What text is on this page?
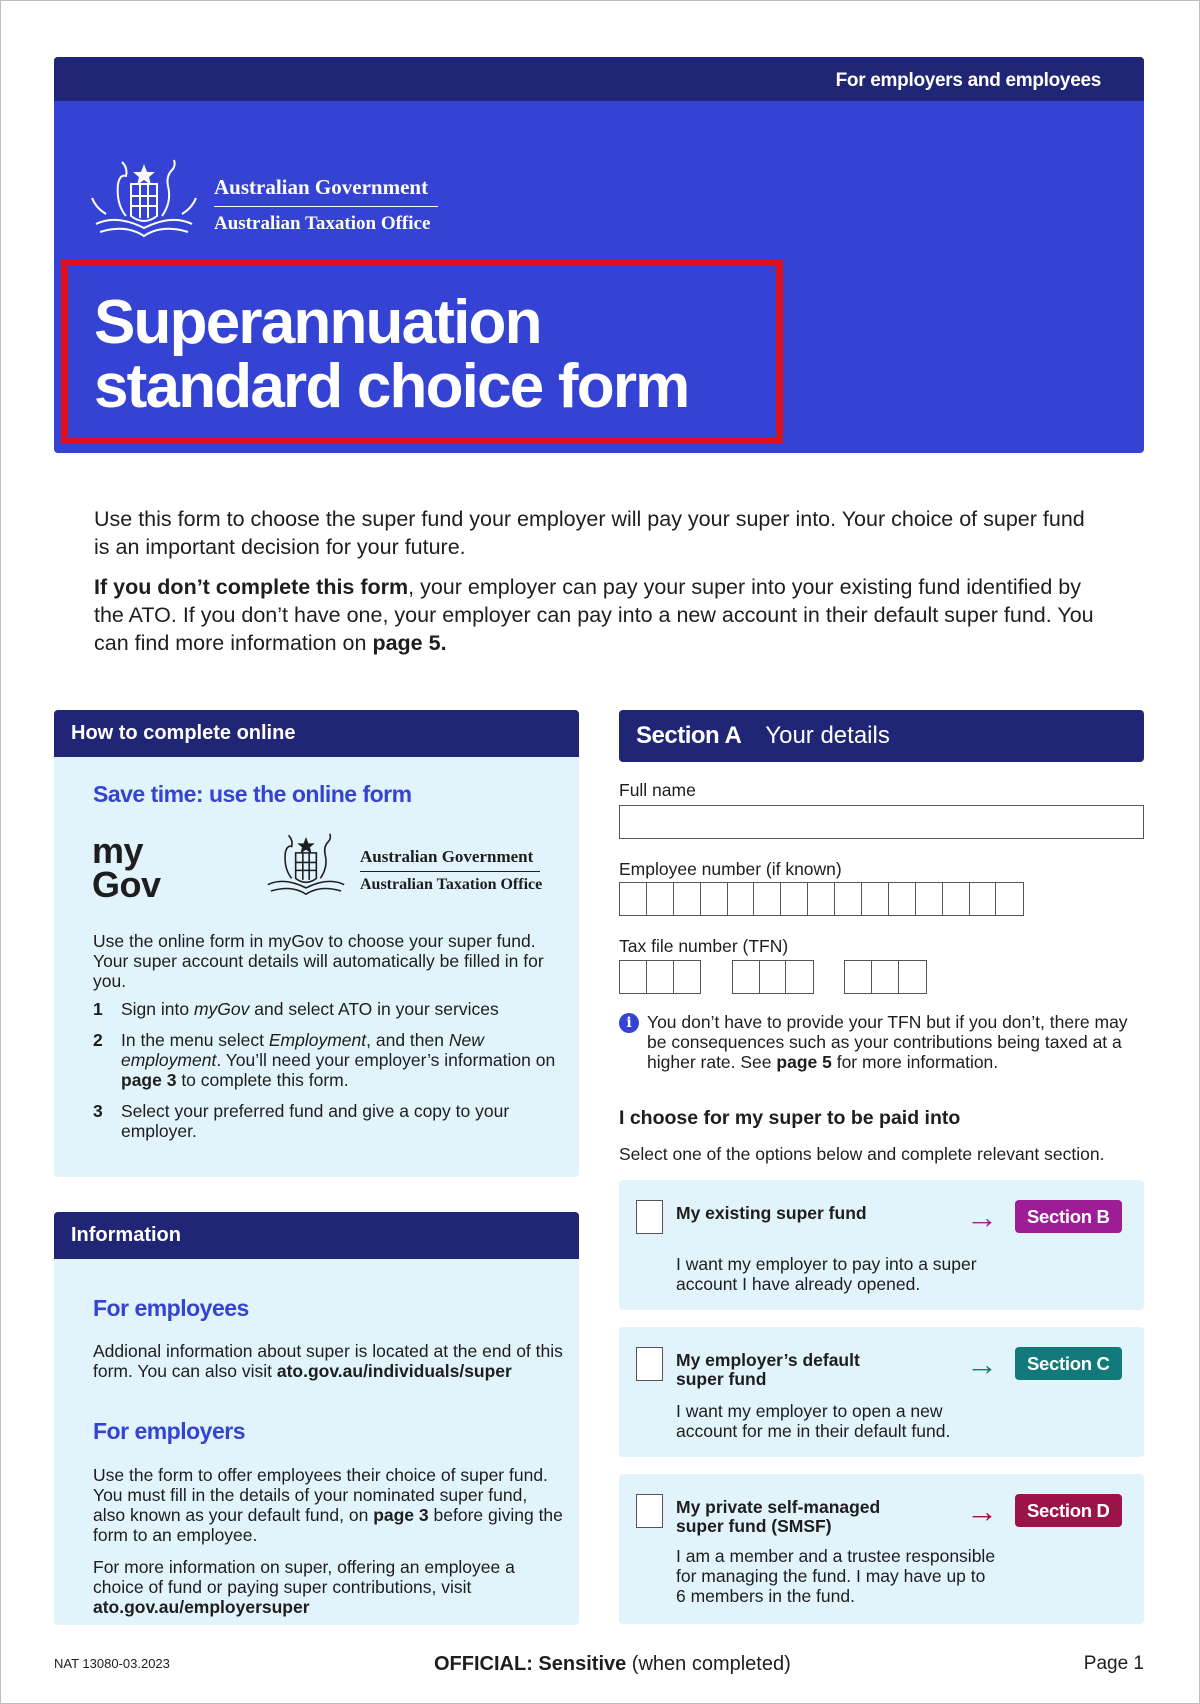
For employers and employees
Australian Government
Australian Taxation Office
Superannuation
standard choice form

Use this form to choose the super fund your employer will pay your super into. Your choice of super fund is an important decision for your future.

If you don’t complete this form, your employer can pay your super into your existing fund identified by the ATO. If you don’t have one, your employer can pay into a new account in their default super fund. You can find more information on page 5.

How to complete online
Save time: use the online form
my
Gov
Australian Government
Australian Taxation Office
Use the online form in myGov to choose your super fund. Your super account details will automatically be filled in for you.
1	Sign into myGov and select ATO in your services
2	In the menu select Employment, and then New employment. You’ll need your employer’s information on page 3 to complete this form.
3	Select your preferred fund and give a copy to your employer.
Information
For employees
Addional information about super is located at the end of this form. You can also visit ato.gov.au/individuals/super
For employers
Use the form to offer employees their choice of super fund. You must fill in the details of your nominated super fund, also known as your default fund, on page 3 before giving the form to an employee.
For more information on super, offering an employee a choice of fund or paying super contributions, visit ato.gov.au/employersuper
Section A Your details
Full name
Employee number (if known)
Tax file number (TFN)
i You don’t have to provide your TFN but if you don’t, there may be consequences such as your contributions being taxed at a higher rate. See page 5 for more information.
I choose for my super to be paid into
Select one of the options below and complete relevant section.
My existing super fund	→	Section B
I want my employer to pay into a super account I have already opened.
My employer’s default super fund	→	Section C
I want my employer to open a new account for me in their default fund.
My private self-managed super fund (SMSF)	→	Section D
I am a member and a trustee responsible for managing the fund. I may have up to 6 members in the fund.
NAT 13080-03.2023	OFFICIAL: Sensitive (when completed)	Page 1
